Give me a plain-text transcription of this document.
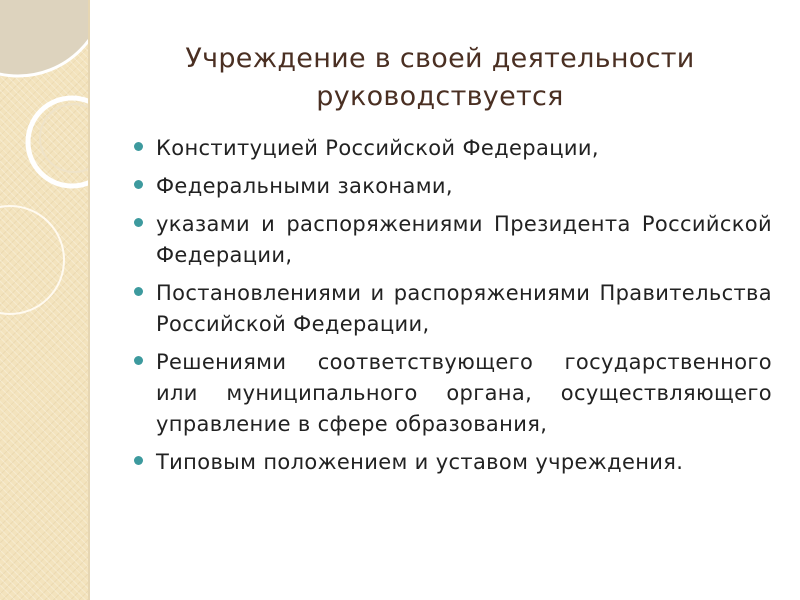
Учреждение в своей деятельности
руководствуется
Конституцией Российской Федерации,
Федеральными законами,
указами и распоряжениями Президента Российской Федерации,
Постановлениями и распоряжениями Правительства Российской Федерации,
Решениями соответствующего государственного или муниципального органа, осуществляющего управление в сфере образования,
Типовым положением и уставом учреждения.
